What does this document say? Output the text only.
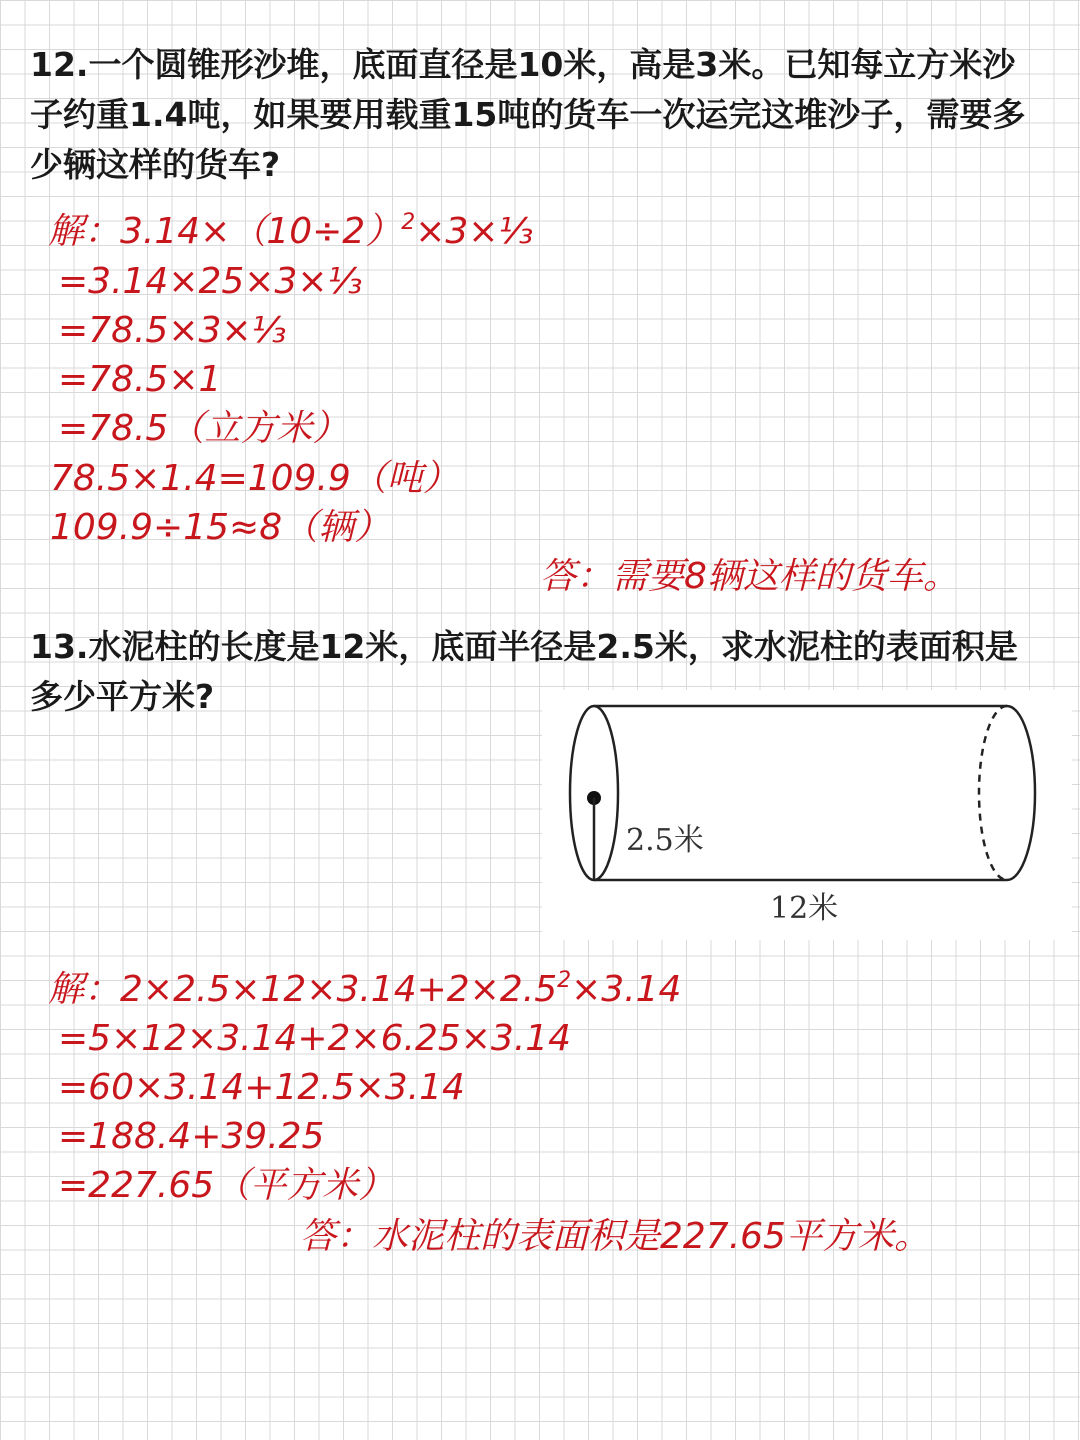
12.一个圆锥形沙堆，底面直径是10米，高是3米。已知每立方米沙子约重1.4吨，如果要用载重15吨的货车一次运完这堆沙子，需要多少辆这样的货车?

解：$3.14\times(10\div 2)^2\times 3\times\frac{1}{3}$

=3.14×25×3×⅓

=78.5×3×⅓

=78.5×1

=78.5（立方米）

78.5×1.4=109.9（吨）

109.9÷15≈8（辆）

答：需要8辆这样的货车。

13.水泥柱的长度是12米，底面半径是2.5米，求水泥柱的表面积是多少平方米?

2.5米
12米

解：$2\times 2.5\times 12\times 3.14+2\times 2.5^2\times 3.14$

=5×12×3.14+2×6.25×3.14

=60×3.14+12.5×3.14

=188.4+39.25

=227.65（平方米）

答：水泥柱的表面积是227.65平方米。
